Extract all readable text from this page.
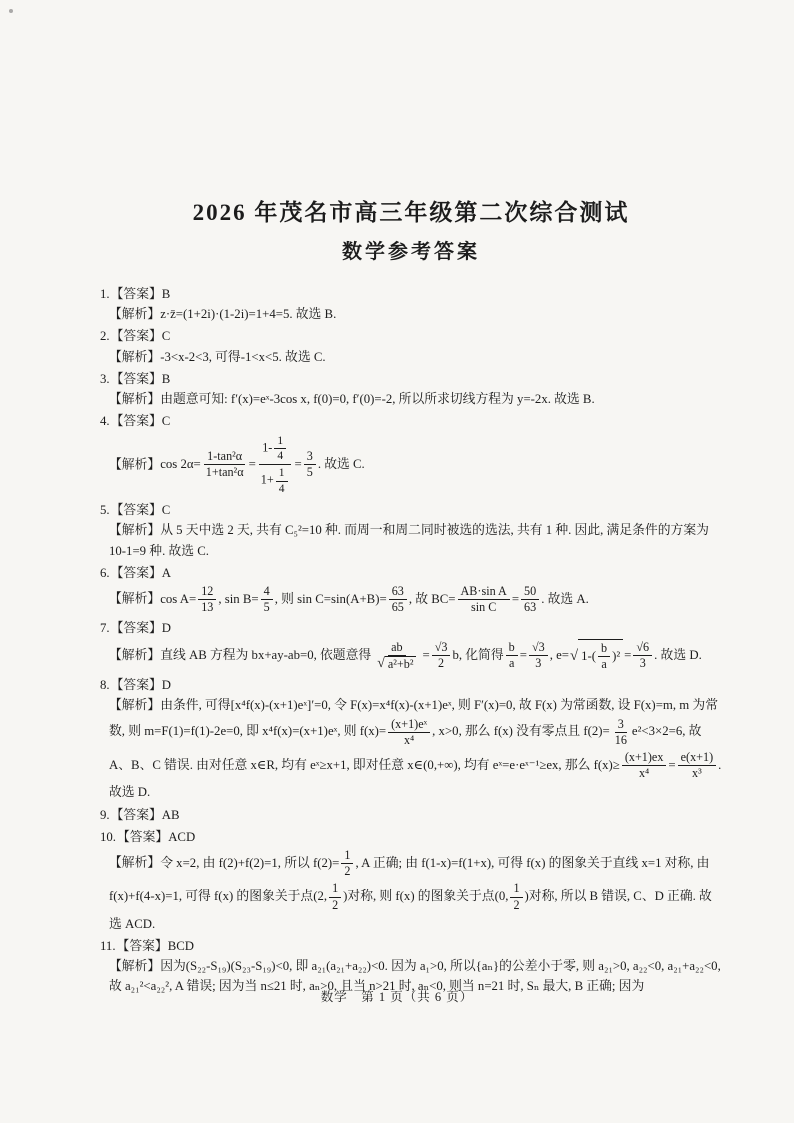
2026 年茂名市高三年级第二次综合测试
数学参考答案
1.【答案】B
【解析】z·z̄=(1+2i)·(1-2i)=1+4=5. 故选 B.
2.【答案】C
【解析】-3<x-2<3, 可得-1<x<5. 故选 C.
3.【答案】B
【解析】由题意可知: f′(x)=eˣ-3cos x, f(0)=0, f′(0)=-2, 所以所求切线方程为 y=-2x. 故选 B.
4.【答案】C
【解析】$\cos 2\alpha= \frac{\text{1-tan²α}}{\text{1+tan²α}} = \frac{1- \frac{1}{4}}{1+ \frac{1}{4}} = \frac{3}{5}$ . 故选 C.
5.【答案】C
【解析】从 5 天中选 2 天, 共有 C₅²=10 种. 而周一和周二同时被选的选法, 共有 1 种. 因此, 满足条件的方案为 10-1=9 种. 故选 C.
6.【答案】A
【解析】$\cos A= \frac{12}{13}$ , $\sin B= \frac{4}{5}$ , 则 $\sin C=\sin(A+B)= \frac{63}{65}$ , 故 $BC= \frac{\text{AB·sin A}}{\text{sin C}} = \frac{50}{63}$ . 故选 A.
7.【答案】D
【解析】直线 AB 方程为 bx+ay-ab=0, 依题意得 $\frac{ab}{\text{√ a²+b²}} = \frac{√3}{2} b$, 化简得 $\frac{b}{a} = \frac{√3}{3}$ , e= √ $1-( \frac{b}{a} )^2 = \frac{√6}{3}$ . 故选 D.
8.【答案】D
【解析】由条件, 可得[x⁴f(x)-(x+1)eˣ]′=0, 令 F(x)=x⁴f(x)-(x+1)eˣ, 则 F′(x)=0, 故 F(x) 为常函数, 设 F(x)=m, m 为常数, 则 m=F(1)=f(1)-2e=0, 即 x⁴f(x)=(x+1)eˣ, 则 $f(x)= \frac{\text{(x+1)eˣ}}{\text{x⁴}}$ , x>0, 那么 f(x) 没有零点且 $f(2)= \frac{3}{16} e^2<3\times 2=6$, 故 A、B、C 错误. 由对任意 x∈R, 均有 eˣ≥x+1, 即对任意 x∈(0,+∞), 均有 eˣ=e·eˣ⁻¹≥ex, 那么 $f(x)\ge \frac{(x+1)ex}{\text{x⁴}} = \frac{e(x+1)}{\text{x³}}$ . 故选 D.
9.【答案】AB
10.【答案】ACD
【解析】令 x=2, 由 f(2)+f(2)=1, 所以 $f(2)= \frac{1}{2}$ , A 正确; 由 f(1-x)=f(1+x), 可得 f(x) 的图象关于直线 x=1 对称, 由 f(x)+f(4-x)=1, 可得 f(x) 的图象关于点(2, $\frac{1}{2}$ )对称, 则 f(x) 的图象关于点(0, $\frac{1}{2}$ )对称, 所以 B 错误, C、D 正确. 故选 ACD.
11.【答案】BCD
【解析】因为(S₂₂-S₁₉)(S₂₃-S₁₉)<0, 即 a₂₁(a₂₁+a₂₂)<0. 因为 a₁>0, 所以{aₙ}的公差小于零, 则 a₂₁>0, a₂₂<0, a₂₁+a₂₂<0, 故 a₂₁²<a₂₂², A 错误; 因为当 n≤21 时, aₙ>0, 且当 n>21 时, aₙ<0, 则当 n=21 时, Sₙ 最大, B 正确; 因为
数学　第 1 页（共 6 页）
